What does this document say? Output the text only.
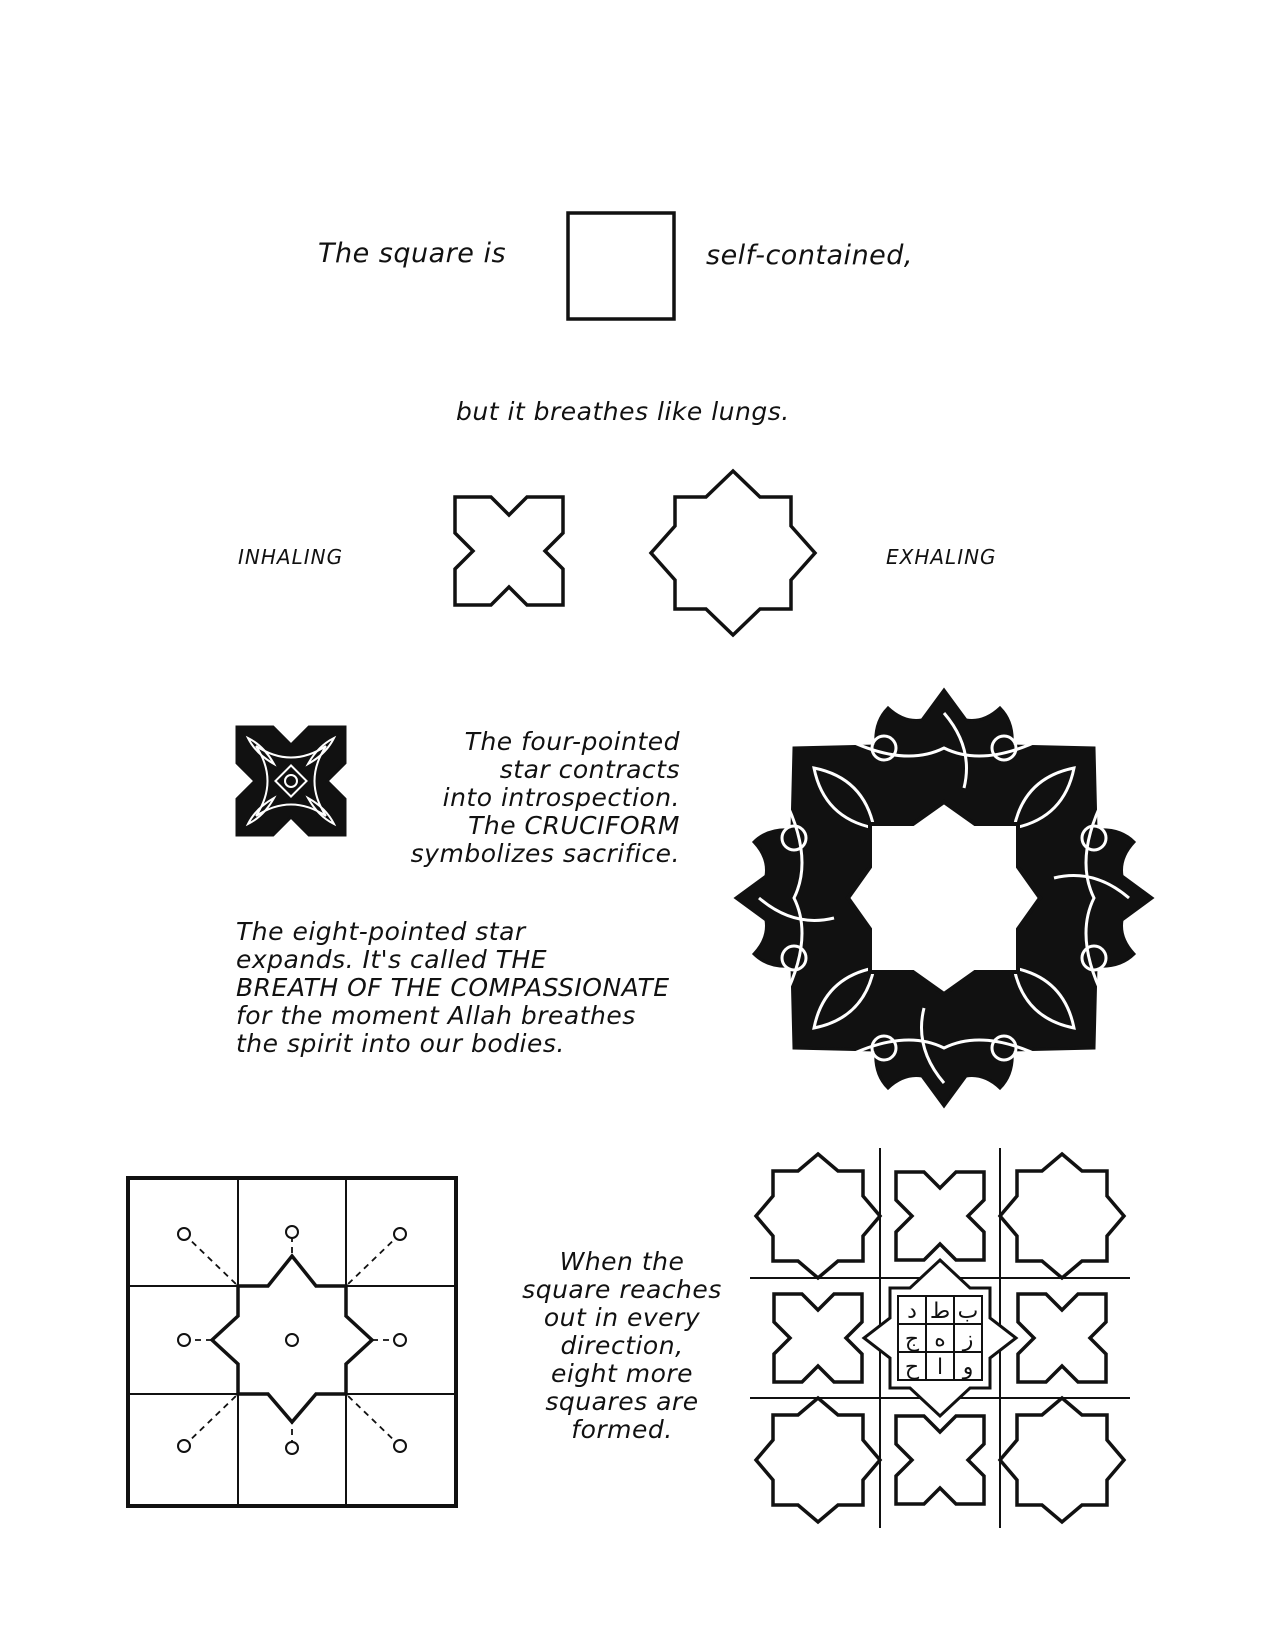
The square is	self-contained,
but it breathes like lungs.
INHALING	EXHALING
The four-pointed
star contracts
into introspection.
The CRUCIFORM
symbolizes sacrifice.
The eight-pointed star
expands. It's called THE
BREATH OF THE COMPASSIONATE
for the moment Allah breathes
the spirit into our bodies.
When the
square reaches
out in every
direction,
eight more
squares are
formed.
د ط ب
ج ه ز
ح ا و
